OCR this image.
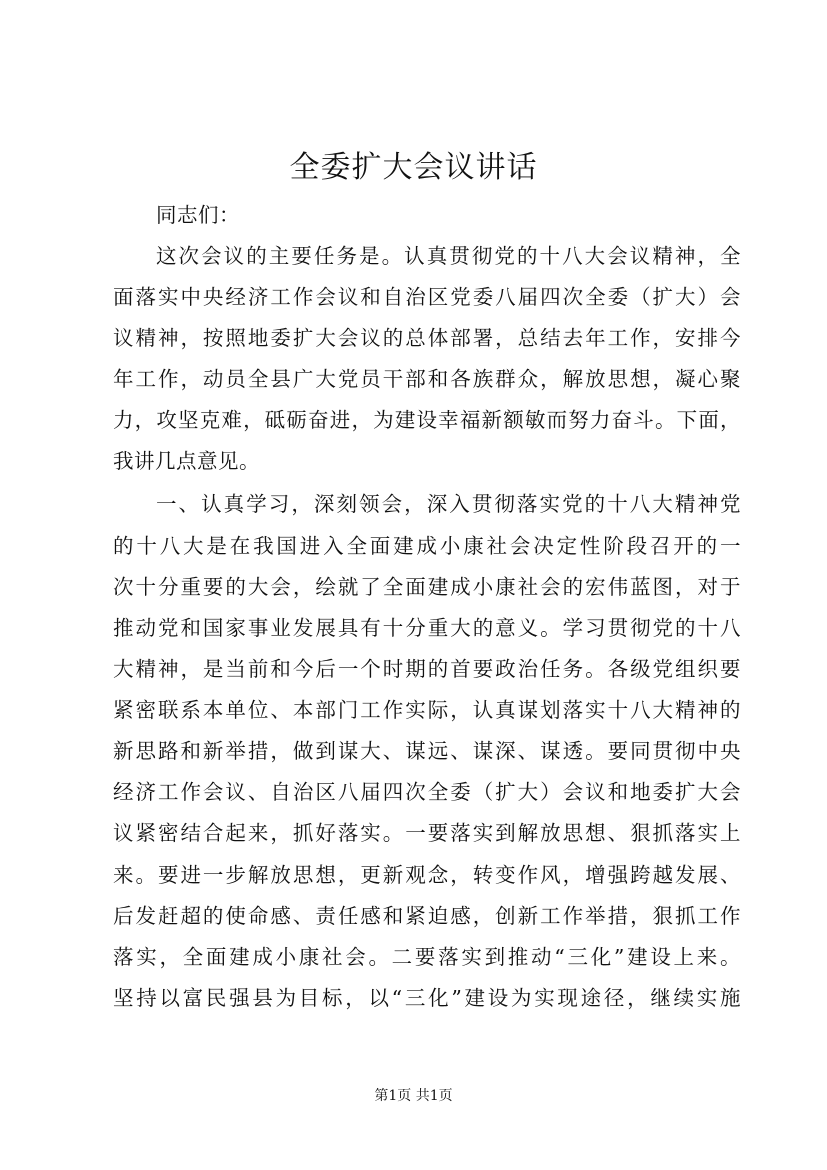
全委扩大会议讲话
同志们：
这次会议的主要任务是。认真贯彻党的十八大会议精神，全
面落实中央经济工作会议和自治区党委八届四次全委（扩大）会
议精神，按照地委扩大会议的总体部署，总结去年工作，安排今
年工作，动员全县广大党员干部和各族群众，解放思想，凝心聚
力，攻坚克难，砥砺奋进，为建设幸福新额敏而努力奋斗。下面，
我讲几点意见。
一、认真学习，深刻领会，深入贯彻落实党的十八大精神党
的十八大是在我国进入全面建成小康社会决定性阶段召开的一
次十分重要的大会，绘就了全面建成小康社会的宏伟蓝图，对于
推动党和国家事业发展具有十分重大的意义。学习贯彻党的十八
大精神，是当前和今后一个时期的首要政治任务。各级党组织要
紧密联系本单位、本部门工作实际，认真谋划落实十八大精神的
新思路和新举措，做到谋大、谋远、谋深、谋透。要同贯彻中央
经济工作会议、自治区八届四次全委（扩大）会议和地委扩大会
议紧密结合起来，抓好落实。一要落实到解放思想、狠抓落实上
来。要进一步解放思想，更新观念，转变作风，增强跨越发展、
后发赶超的使命感、责任感和紧迫感，创新工作举措，狠抓工作
落实，全面建成小康社会。二要落实到推动“三化”建设上来。
坚持以富民强县为目标，以“三化”建设为实现途径，继续实施
第1页 共1页
